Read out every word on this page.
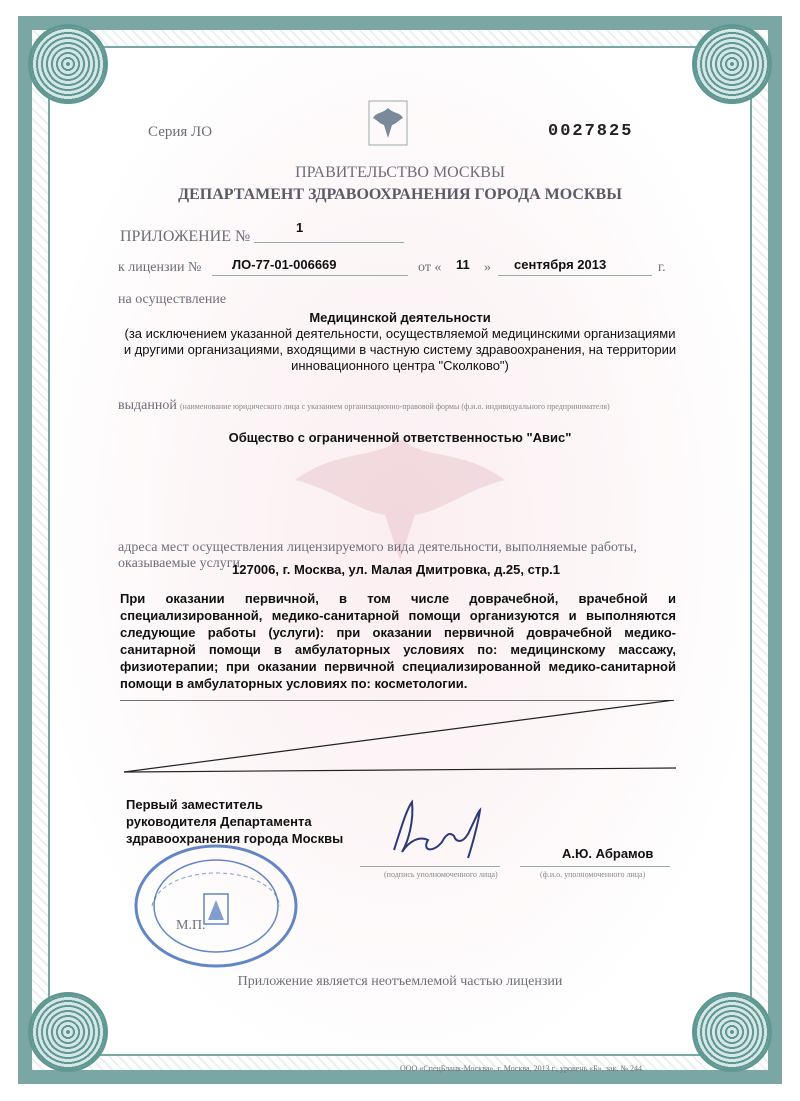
Серия ЛО	0027825

ПРАВИТЕЛЬСТВО МОСКВЫ

ДЕПАРТАМЕНТ ЗДРАВООХРАНЕНИЯ ГОРОДА МОСКВЫ

ПРИЛОЖЕНИЕ №

1

к лицензии № ЛО-77-01-006669	от « 11 » сентября 2013	г.

на осуществление

Медицинской деятельности

(за исключением указанной деятельности, осуществляемой медицинскими организациями и другими организациями, входящими в частную систему здравоохранения, на территории инновационного центра "Сколково")

выданной (наименование юридического лица с указанием организационно-правовой формы (ф.и.о. индивидуального предпринимателя)

Общество с ограниченной ответственностью "Авис"

адреса мест осуществления лицензируемого вида деятельности, выполняемые работы,

оказываемые услуги

127006, г. Москва, ул. Малая Дмитровка, д.25, стр.1

При оказании первичной, в том числе доврачебной, врачебной и специализированной, медико-санитарной помощи организуются и выполняются следующие работы (услуги): при оказании первичной доврачебной медико-санитарной помощи в амбулаторных условиях по: медицинскому массажу, физиотерапии; при оказании первичной специализированной медико-санитарной помощи в амбулаторных условиях по: косметологии.

Первый заместитель руководителя Департамента здравоохранения города Москвы

(подпись уполномоченного лица)

А.Ю. Абрамов

(ф.и.о. уполномоченного лица)

М.П.

Приложение является неотъемлемой частью лицензии

ООО «СпецБланк-Москва», г. Москва, 2013 г., уровень «Б», зак. № 244.
